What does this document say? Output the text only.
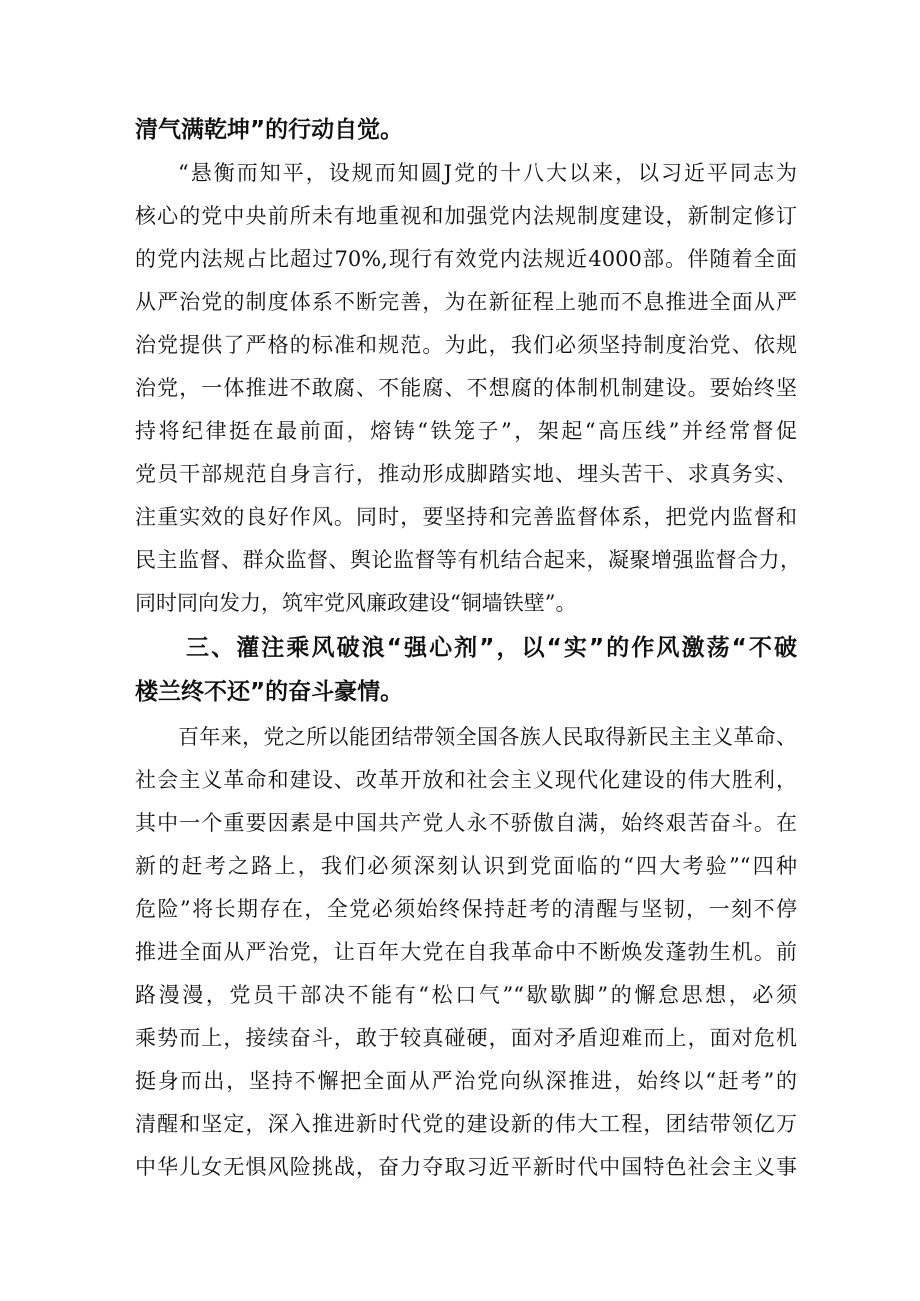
清气满乾坤”的行动自觉。
“悬衡而知平，设规而知圆J党的十八大以来，以习近平同志为
核心的党中央前所未有地重视和加强党内法规制度建设，新制定修订
的党内法规占比超过70%,现行有效党内法规近4000部。伴随着全面
从严治党的制度体系不断完善，为在新征程上驰而不息推进全面从严
治党提供了严格的标准和规范。为此，我们必须坚持制度治党、依规
治党，一体推进不敢腐、不能腐、不想腐的体制机制建设。要始终坚
持将纪律挺在最前面，熔铸“铁笼子”，架起“高压线”并经常督促
党员干部规范自身言行，推动形成脚踏实地、埋头苦干、求真务实、
注重实效的良好作风。同时，要坚持和完善监督体系，把党内监督和
民主监督、群众监督、舆论监督等有机结合起来，凝聚增强监督合力，
同时同向发力，筑牢党风廉政建设“铜墙铁壁”。
三、灌注乘风破浪“强心剂”，以“实”的作风激荡“不破
楼兰终不还”的奋斗豪情。
百年来，党之所以能团结带领全国各族人民取得新民主主义革命、
社会主义革命和建设、改革开放和社会主义现代化建设的伟大胜利，
其中一个重要因素是中国共产党人永不骄傲自满，始终艰苦奋斗。在
新的赶考之路上，我们必须深刻认识到党面临的“四大考验”“四种
危险”将长期存在，全党必须始终保持赶考的清醒与坚韧，一刻不停
推进全面从严治党，让百年大党在自我革命中不断焕发蓬勃生机。前
路漫漫，党员干部决不能有“松口气”“歇歇脚”的懈怠思想，必须
乘势而上，接续奋斗，敢于较真碰硬，面对矛盾迎难而上，面对危机
挺身而出，坚持不懈把全面从严治党向纵深推进，始终以“赶考”的
清醒和坚定，深入推进新时代党的建设新的伟大工程，团结带领亿万
中华儿女无惧风险挑战，奋力夺取习近平新时代中国特色社会主义事
